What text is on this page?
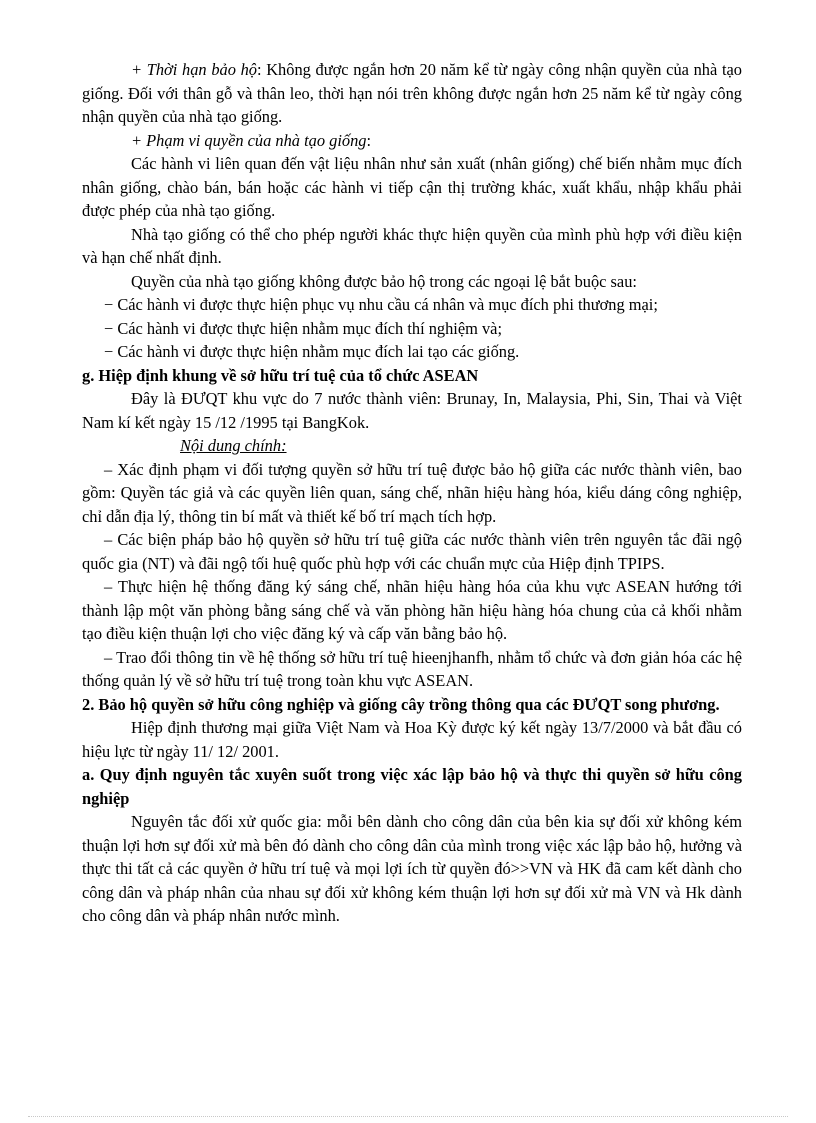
+ Thời hạn bảo hộ: Không được ngắn hơn 20 năm kể từ ngày công nhận quyền của nhà tạo giống. Đối với thân gỗ và thân leo, thời hạn nói trên không được ngắn hơn 25 năm kể từ ngày công nhận quyền của nhà tạo giống.

+ Phạm vi quyền của nhà tạo giống:

Các hành vi liên quan đến vật liệu nhân như sản xuất (nhân giống) chế biến nhằm mục đích nhân giống, chào bán, bán hoặc các hành vi tiếp cận thị trường khác, xuất khẩu, nhập khẩu phải được phép của nhà tạo giống.

Nhà tạo giống có thể cho phép người khác thực hiện quyền của mình phù hợp với điều kiện và hạn chế nhất định.

Quyền của nhà tạo giống không được bảo hộ trong các ngoại lệ bắt buộc sau:

− Các hành vi được thực hiện phục vụ nhu cầu cá nhân và mục đích phi thương mại;

− Các hành vi được thực hiện nhằm mục đích thí nghiệm và;

− Các hành vi được thực hiện nhằm mục đích lai tạo các giống.

g. Hiệp định khung về sở hữu trí tuệ của tổ chức ASEAN

Đây là ĐƯQT khu vực do 7 nước thành viên: Brunay, In, Malaysia, Phi, Sin, Thai và Việt Nam kí kết ngày 15 /12 /1995 tại BangKok.

Nội dung chính:

– Xác định phạm vi đối tượng quyền sở hữu trí tuệ được bảo hộ giữa các nước thành viên, bao gồm: Quyền tác giả và các quyền liên quan, sáng chế, nhãn hiệu hàng hóa, kiểu dáng công nghiệp, chỉ dẫn địa lý, thông tin bí mất và thiết kế bố trí mạch tích hợp.

– Các biện pháp bảo hộ quyền sở hữu trí tuệ giữa các nước thành viên trên nguyên tắc đãi ngộ quốc gia (NT) và đãi ngộ tối huệ quốc phù hợp với các chuẩn mực của Hiệp định TPIPS.

– Thực hiện hệ thống đăng ký sáng chế, nhãn hiệu hàng hóa của khu vực ASEAN hướng tới thành lập một văn phòng bằng sáng chế và văn phòng hãn hiệu hàng hóa chung của cả khối nhằm tạo điều kiện thuận lợi cho việc đăng ký và cấp văn bằng bảo hộ.

– Trao đổi thông tin về hệ thống sở hữu trí tuệ hieenjhanfh, nhằm tổ chức và đơn giản hóa các hệ thống quản lý về sở hữu trí tuệ trong toàn khu vực ASEAN.

2. Bảo hộ quyền sở hữu công nghiệp và giống cây trồng thông qua các ĐƯQT song phương.

Hiệp định thương mại giữa Việt Nam và Hoa Kỳ được ký kết ngày 13/7/2000 và bắt đầu có hiệu lực từ ngày 11/ 12/ 2001.

a. Quy định nguyên tắc xuyên suốt trong việc xác lập bảo hộ và thực thi quyền sở hữu công nghiệp

Nguyên tắc đối xử quốc gia: mỗi bên dành cho công dân của bên kia sự đối xử không kém thuận lợi hơn sự đối xử mà bên đó dành cho công dân của mình trong việc xác lập bảo hộ, hưởng và thực thi tất cả các quyền ở hữu trí tuệ và mọi lợi ích từ quyền đó>>VN và HK đã cam kết dành cho công dân và pháp nhân của nhau sự đối xử không kém thuận lợi hơn sự đối xử mà VN và Hk dành cho công dân và pháp nhân nước mình.
